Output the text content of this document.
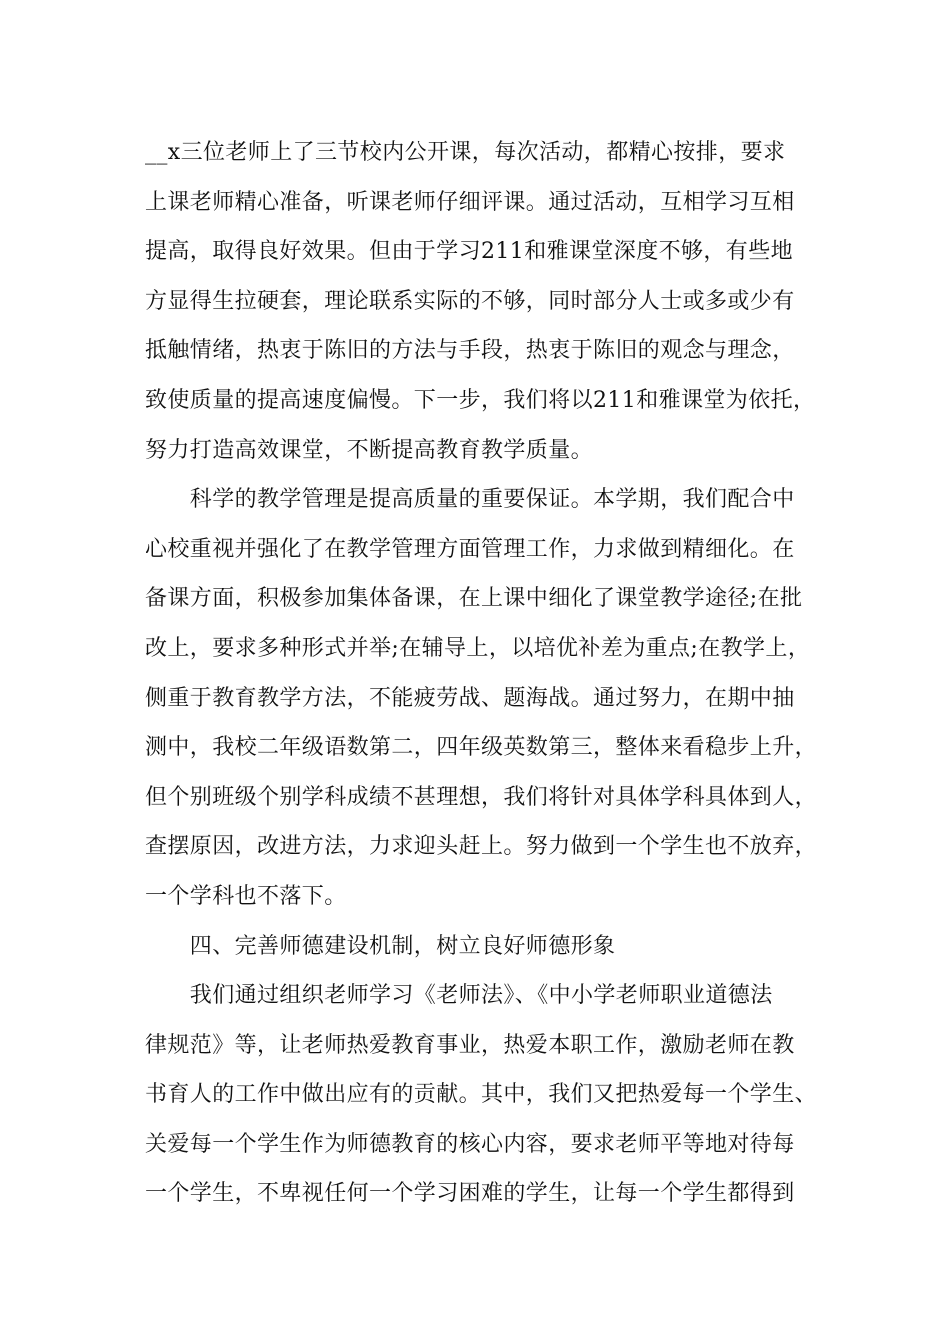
__x三位老师上了三节校内公开课，每次活动，都精心按排，要求
上课老师精心准备，听课老师仔细评课。通过活动，互相学习互相
提高，取得良好效果。但由于学习211和雅课堂深度不够，有些地
方显得生拉硬套，理论联系实际的不够，同时部分人士或多或少有
抵触情绪，热衷于陈旧的方法与手段，热衷于陈旧的观念与理念，
致使质量的提高速度偏慢。下一步，我们将以211和雅课堂为依托，
努力打造高效课堂，不断提高教育教学质量。
　　科学的教学管理是提高质量的重要保证。本学期，我们配合中
心校重视并强化了在教学管理方面管理工作，力求做到精细化。在
备课方面，积极参加集体备课，在上课中细化了课堂教学途径;在批
改上，要求多种形式并举;在辅导上，以培优补差为重点;在教学上，
侧重于教育教学方法，不能疲劳战、题海战。通过努力，在期中抽
测中，我校二年级语数第二，四年级英数第三，整体来看稳步上升，
但个别班级个别学科成绩不甚理想，我们将针对具体学科具体到人，
查摆原因，改进方法，力求迎头赶上。努力做到一个学生也不放弃，
一个学科也不落下。
　　四、完善师德建设机制，树立良好师德形象
　　我们通过组织老师学习《老师法》、《中小学老师职业道德法
律规范》等，让老师热爱教育事业，热爱本职工作，激励老师在教
书育人的工作中做出应有的贡献。其中，我们又把热爱每一个学生、
关爱每一个学生作为师德教育的核心内容，要求老师平等地对待每
一个学生，不卑视任何一个学习困难的学生，让每一个学生都得到
